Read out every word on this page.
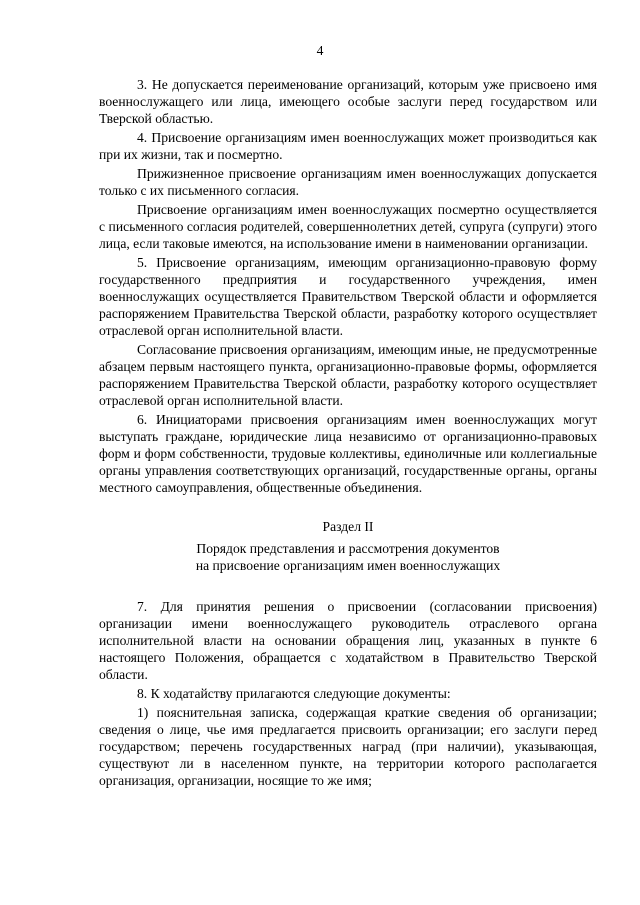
4

3. Не допускается переименование организаций, которым уже присвоено имя военнослужащего или лица, имеющего особые заслуги перед государством или Тверской областью.

4. Присвоение организациям имен военнослужащих может производиться как при их жизни, так и посмертно.

Прижизненное присвоение организациям имен военнослужащих допускается только с их письменного согласия.

Присвоение организациям имен военнослужащих посмертно осуществляется с письменного согласия родителей, совершеннолетних детей, супруга (супруги) этого лица, если таковые имеются, на использование имени в наименовании организации.

5. Присвоение организациям, имеющим организационно-правовую форму государственного предприятия и государственного учреждения, имен военнослужащих осуществляется Правительством Тверской области и оформляется распоряжением Правительства Тверской области, разработку которого осуществляет отраслевой орган исполнительной власти.

Согласование присвоения организациям, имеющим иные, не предусмотренные абзацем первым настоящего пункта, организационно-правовые формы, оформляется распоряжением Правительства Тверской области, разработку которого осуществляет отраслевой орган исполнительной власти.

6. Инициаторами присвоения организациям имен военнослужащих могут выступать граждане, юридические лица независимо от организационно-правовых форм и форм собственности, трудовые коллективы, единоличные или коллегиальные органы управления соответствующих организаций, государственные органы, органы местного самоуправления, общественные объединения.

Раздел II

Порядок представления и рассмотрения документов

на присвоение организациям имен военнослужащих

7. Для принятия решения о присвоении (согласовании присвоения) организации имени военнослужащего руководитель отраслевого органа исполнительной власти на основании обращения лиц, указанных в пункте 6 настоящего Положения, обращается с ходатайством в Правительство Тверской области.

8. К ходатайству прилагаются следующие документы:

1) пояснительная записка, содержащая краткие сведения об организации; сведения о лице, чье имя предлагается присвоить организации; его заслуги перед государством; перечень государственных наград (при наличии), указывающая, существуют ли в населенном пункте, на территории которого располагается организация, организации, носящие то же имя;
